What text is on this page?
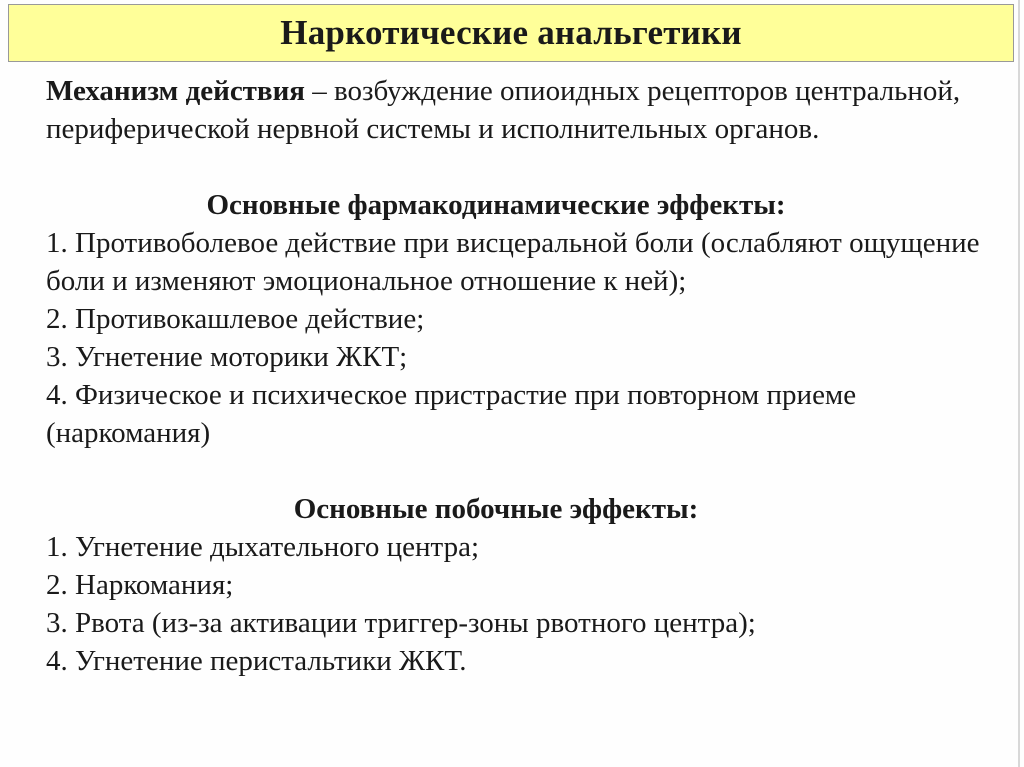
Наркотические анальгетики

Механизм действия – возбуждение опиоидных рецепторов центральной, периферической нервной системы и исполнительных органов.

Основные фармакодинамические эффекты:

1. Противоболевое действие при висцеральной боли (ослабляют ощущение боли и изменяют эмоциональное отношение к ней);

2. Противокашлевое действие;

3. Угнетение моторики ЖКТ;

4. Физическое и психическое пристрастие при повторном приеме (наркомания)

Основные побочные эффекты:

1. Угнетение дыхательного центра;

2. Наркомания;

3. Рвота (из-за активации триггер-зоны рвотного центра);

4. Угнетение перистальтики ЖКТ.
